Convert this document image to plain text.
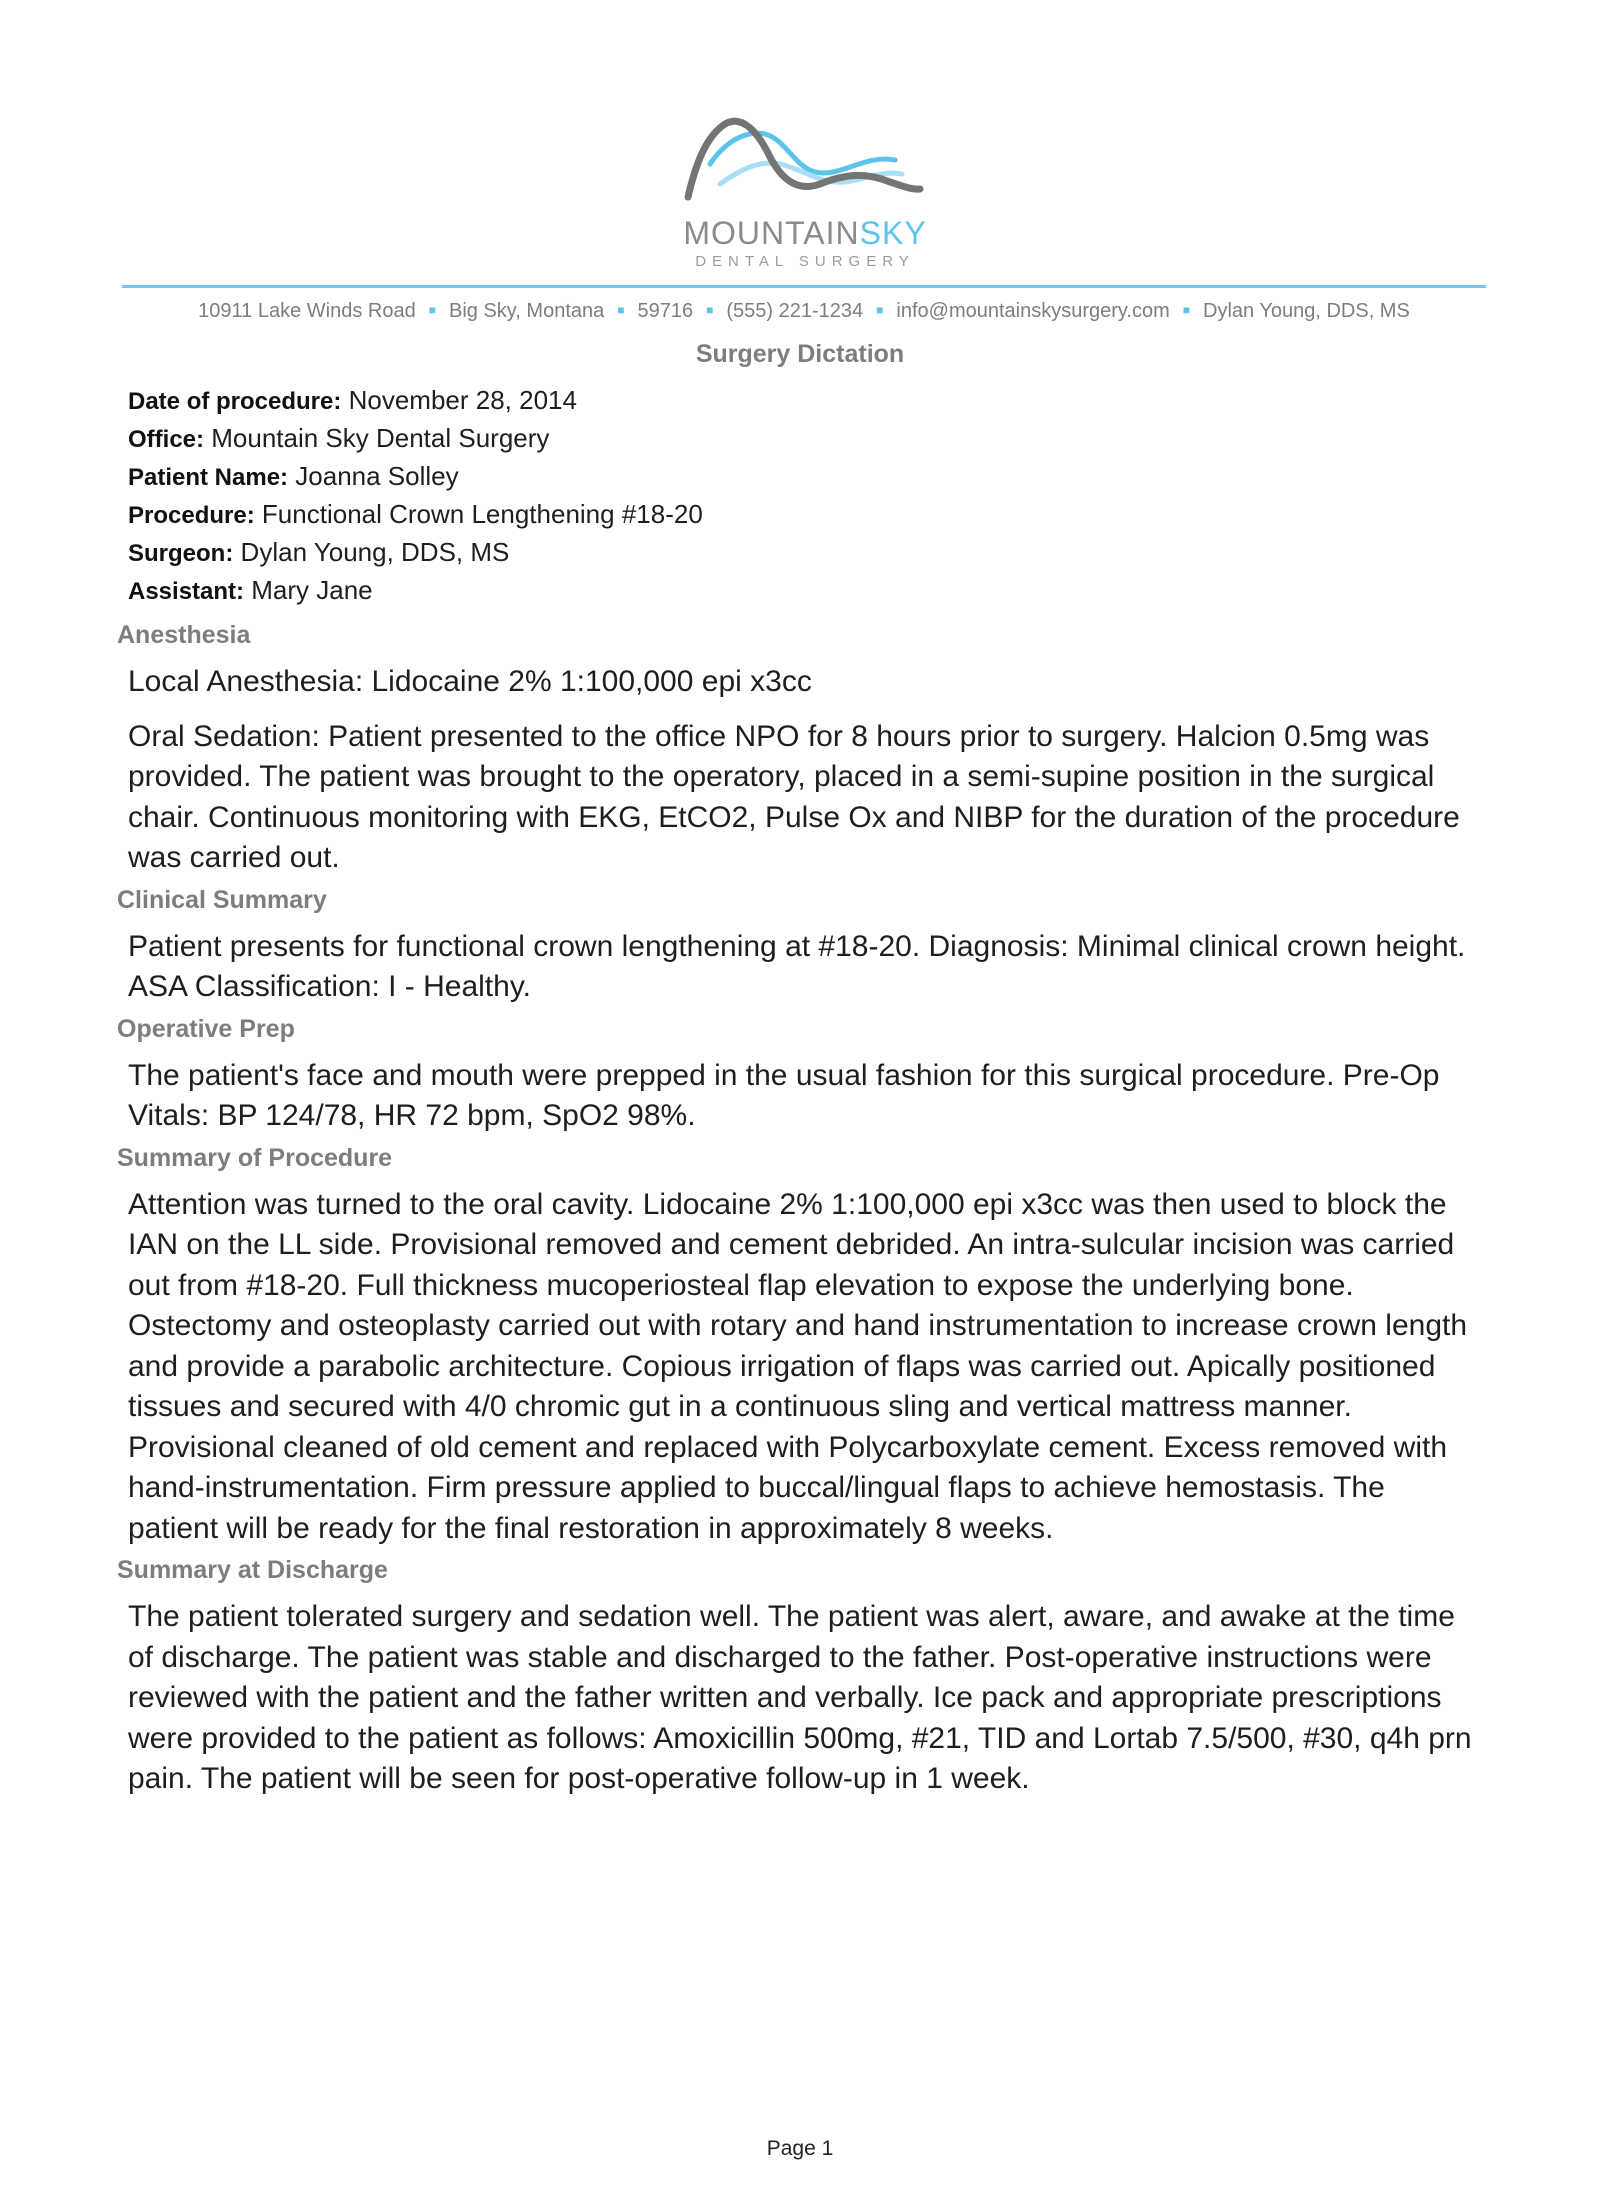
MOUNTAINSKY
DENTAL SURGERY
10911 Lake Winds Road ■ Big Sky, Montana ■ 59716 ■ (555) 221-1234 ■ info@mountainskysurgery.com ■ Dylan Young, DDS, MS
Surgery Dictation
Date of procedure: November 28, 2014
Office: Mountain Sky Dental Surgery
Patient Name: Joanna Solley
Procedure: Functional Crown Lengthening #18-20
Surgeon: Dylan Young, DDS, MS
Assistant: Mary Jane
Anesthesia
Local Anesthesia: Lidocaine 2% 1:100,000 epi x3cc
Oral Sedation: Patient presented to the office NPO for 8 hours prior to surgery. Halcion 0.5mg was provided. The patient was brought to the operatory, placed in a semi-supine position in the surgical chair. Continuous monitoring with EKG, EtCO2, Pulse Ox and NIBP for the duration of the procedure was carried out.
Clinical Summary
Patient presents for functional crown lengthening at #18-20. Diagnosis: Minimal clinical crown height. ASA Classification: I - Healthy.
Operative Prep
The patient's face and mouth were prepped in the usual fashion for this surgical procedure. Pre-Op Vitals: BP 124/78, HR 72 bpm, SpO2 98%.
Summary of Procedure
Attention was turned to the oral cavity. Lidocaine 2% 1:100,000 epi x3cc was then used to block the IAN on the LL side. Provisional removed and cement debrided. An intra-sulcular incision was carried out from #18-20. Full thickness mucoperiosteal flap elevation to expose the underlying bone. Ostectomy and osteoplasty carried out with rotary and hand instrumentation to increase crown length and provide a parabolic architecture. Copious irrigation of flaps was carried out. Apically positioned tissues and secured with 4/0 chromic gut in a continuous sling and vertical mattress manner. Provisional cleaned of old cement and replaced with Polycarboxylate cement. Excess removed with hand-instrumentation. Firm pressure applied to buccal/lingual flaps to achieve hemostasis. The patient will be ready for the final restoration in approximately 8 weeks.
Summary at Discharge
The patient tolerated surgery and sedation well. The patient was alert, aware, and awake at the time of discharge. The patient was stable and discharged to the father. Post-operative instructions were reviewed with the patient and the father written and verbally. Ice pack and appropriate prescriptions were provided to the patient as follows: Amoxicillin 500mg, #21, TID and Lortab 7.5/500, #30, q4h prn pain. The patient will be seen for post-operative follow-up in 1 week.
Page 1
